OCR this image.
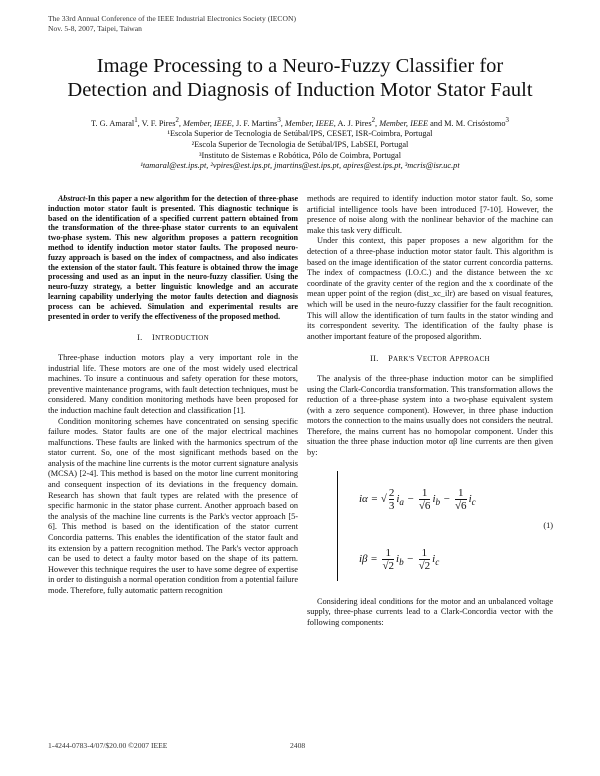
The 33rd Annual Conference of the IEEE Industrial Electronics Society (IECON)
Nov. 5-8, 2007, Taipei, Taiwan
Image Processing to a Neuro-Fuzzy Classifier for
Detection and Diagnosis of Induction Motor Stator Fault
T. G. Amaral$^1$, V. F. Pires$^2$, Member, IEEE, J. F. Martins$^3$, Member, IEEE, A. J. Pires$^2$, Member, IEEE and M. M. Crisóstomo$^3$
¹Escola Superior de Tecnologia de Setúbal/IPS, CESET, ISR-Coimbra, Portugal
²Escola Superior de Tecnologia de Setúbal/IPS, LabSEI, Portugal
³Instituto de Sistemas e Robótica, Pólo de Coimbra, Portugal
¹tamaral@est.ips.pt, ²vpires@est.ips.pt, jmartins@est.ips.pt, apires@est.ips.pt, ³mcris@isr.uc.pt

Abstract-In this paper a new algorithm for the detection of three-phase induction motor stator fault is presented. This diagnostic technique is based on the identification of a specified current pattern obtained from the transformation of the three-phase stator currents to an equivalent two-phase system. This new algorithm proposes a pattern recognition method to identify induction motor stator faults. The proposed neuro-fuzzy approach is based on the index of compactness, and also indicates the extension of the stator fault. This feature is obtained throw the image processing and used as an input in the neuro-fuzzy classifier. Using the neuro-fuzzy strategy, a better linguistic knowledge and an accurate learning capability underlying the motor faults detection and diagnosis process can be achieved. Simulation and experimental results are presented in order to verify the effectiveness of the proposed method.

I. INTRODUCTION

Three-phase induction motors play a very important role in the industrial life. These motors are one of the most widely used electrical machines. To insure a continuous and safety operation for these motors, preventive maintenance programs, with fault detection techniques, must be considered. Many condition monitoring methods have been proposed for the induction machine fault detection and classification [1].

Condition monitoring schemes have concentrated on sensing specific failure modes. Stator faults are one of the major electrical machines malfunctions. These faults are linked with the harmonics spectrum of the stator current. So, one of the most significant methods based on the analysis of the machine line currents is the motor current signature analysis (MCSA) [2-4]. This method is based on the motor line current monitoring and consequent inspection of its deviations in the frequency domain. Research has shown that fault types are related with the presence of specific harmonic in the stator phase current. Another approach based on the analysis of the machine line currents is the Park's vector approach [5-6]. This method is based on the identification of the stator current Concordia patterns. This enables the identification of the stator fault and its extension by a pattern recognition method. The Park's vector approach can be used to detect a faulty motor based on the shape of its pattern. However this technique requires the user to have some degree of expertise in order to distinguish a normal operation condition from a potential failure mode. Therefore, fully automatic pattern recognition

methods are required to identify induction motor stator fault. So, some artificial intelligence tools have been introduced [7-10]. However, the presence of noise along with the nonlinear behavior of the machine can make this task very difficult.

Under this context, this paper proposes a new algorithm for the detection of a three-phase induction motor stator fault. This algorithm is based on the image identification of the stator current concordia patterns. The index of compactness (I.O.C.) and the distance between the xc coordinate of the gravity center of the region and the x coordinate of the mean upper point of the region (dist_xc_ilr) are based on visual features, which will be used in the neuro-fuzzy classifier for the fault recognition. This will allow the identification of turn faults in the stator winding and its correspondent severity. The identification of the faulty phase is another important feature of the proposed algorithm.

II. PARK'S VECTOR APPROACH

The analysis of the three-phase induction motor can be simplified using the Clark-Concordia transformation. This transformation allows the reduction of a three-phase system into a two-phase equivalent system (with a zero sequence component). However, in three phase induction motors the connection to the mains usually does not considers the neutral. Therefore, the mains current has no homopolar component. Under this situation the three phase induction motor αβ line currents are then given by:

iα = √ $\frac{2}{3} i_a - \frac{1}{√6} i_b - \frac{1}{√6} i_c$
(1)
$i\beta = \frac{1}{√2} i_b - \frac{1}{√2} i_c$

Considering ideal conditions for the motor and an unbalanced voltage supply, three-phase currents lead to a Clark-Concordia vector with the following components:

1-4244-0783-4/07/$20.00 ©2007 IEEE	2408
